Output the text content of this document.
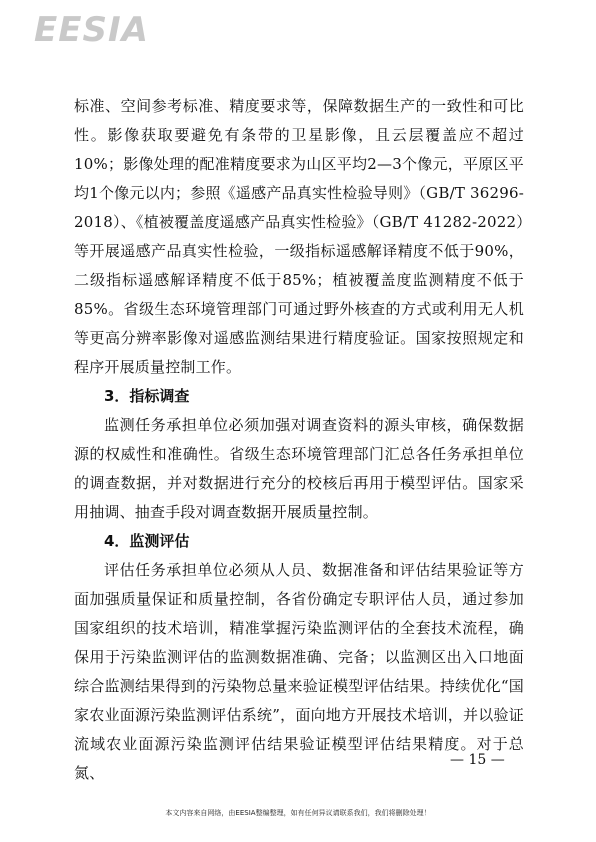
EESIA

标准、空间参考标准、精度要求等，保障数据生产的一致性和可比性。影像获取要避免有条带的卫星影像，且云层覆盖应不超过10%；影像处理的配准精度要求为山区平均2—3个像元，平原区平均1个像元以内；参照《遥感产品真实性检验导则》（GB/T 36296-2018）、《植被覆盖度遥感产品真实性检验》（GB/T 41282-2022）等开展遥感产品真实性检验，一级指标遥感解译精度不低于90%，二级指标遥感解译精度不低于85%；植被覆盖度监测精度不低于85%。省级生态环境管理部门可通过野外核查的方式或利用无人机等更高分辨率影像对遥感监测结果进行精度验证。国家按照规定和程序开展质量控制工作。

3．指标调查

监测任务承担单位必须加强对调查资料的源头审核，确保数据源的权威性和准确性。省级生态环境管理部门汇总各任务承担单位的调查数据，并对数据进行充分的校核后再用于模型评估。国家采用抽调、抽查手段对调查数据开展质量控制。

4．监测评估

评估任务承担单位必须从人员、数据准备和评估结果验证等方面加强质量保证和质量控制，各省份确定专职评估人员，通过参加国家组织的技术培训，精准掌握污染监测评估的全套技术流程，确保用于污染监测评估的监测数据准确、完备；以监测区出入口地面综合监测结果得到的污染物总量来验证模型评估结果。持续优化“国家农业面源污染监测评估系统”，面向地方开展技术培训，并以验证流域农业面源污染监测评估结果验证模型评估结果精度。对于总氮、

— 15 —
本文内容来自网络，由EESIA整编整理，如有任何异议请联系我们，我们将删除处理！
